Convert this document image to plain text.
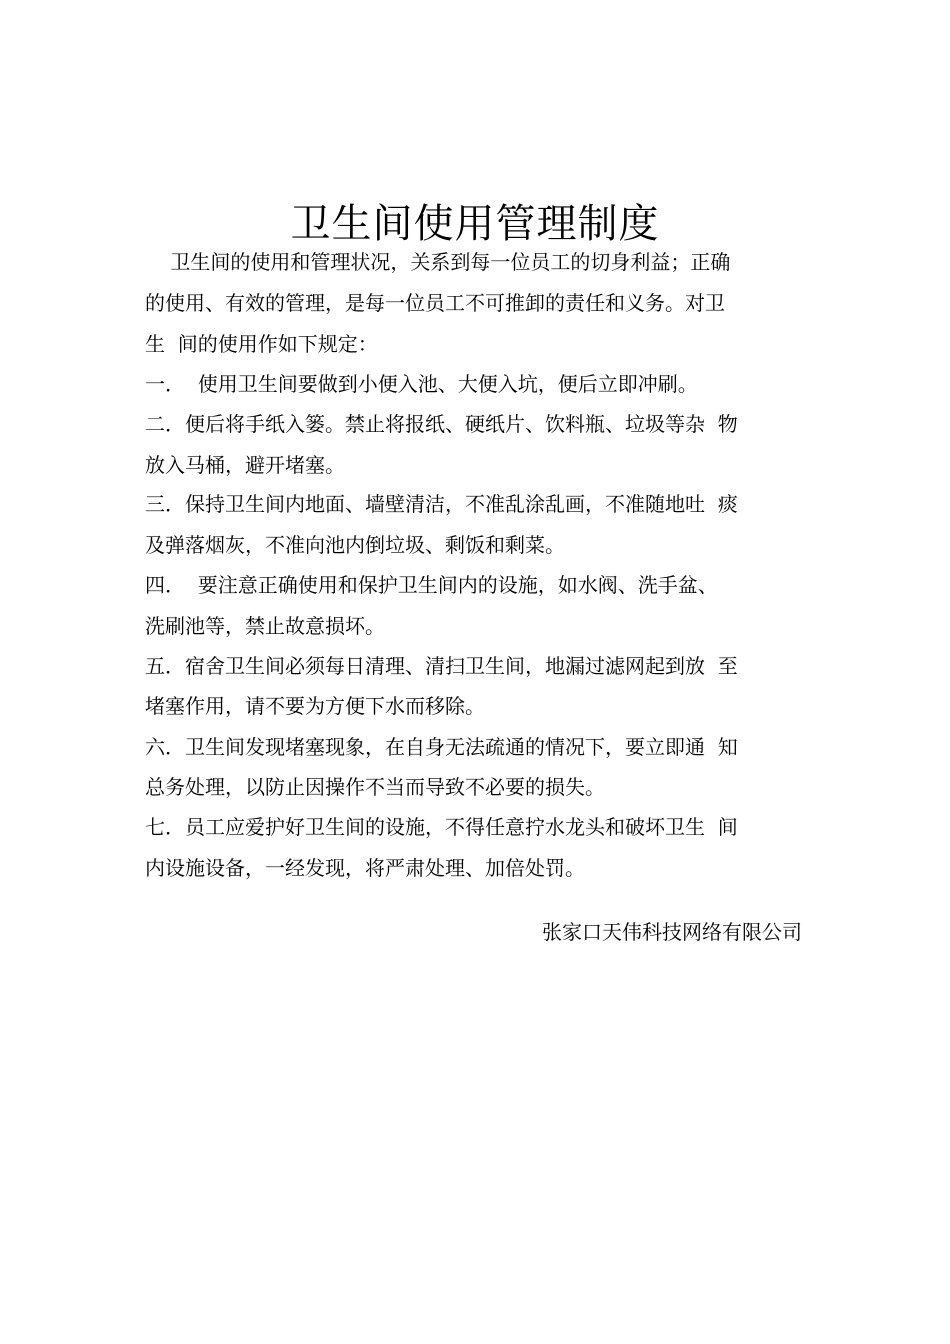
卫生间使用管理制度
卫生间的使用和管理状况，关系到每一位员工的切身利益；正确
的使用、有效的管理，是每一位员工不可推卸的责任和义务。对卫
生  间的使用作如下规定：
一．  使用卫生间要做到小便入池、大便入坑，便后立即冲刷。
二．便后将手纸入篓。禁止将报纸、硬纸片、饮料瓶、垃圾等杂  物
放入马桶，避开堵塞。
三．保持卫生间内地面、墙壁清洁，不准乱涂乱画，不准随地吐  痰
及弹落烟灰，不准向池内倒垃圾、剩饭和剩菜。
四．  要注意正确使用和保护卫生间内的设施，如水阀、洗手盆、
洗刷池等，禁止故意损坏。
五．宿舍卫生间必须每日清理、清扫卫生间，地漏过滤网起到放  至
堵塞作用，请不要为方便下水而移除。
六．卫生间发现堵塞现象，在自身无法疏通的情况下，要立即通  知
总务处理，以防止因操作不当而导致不必要的损失。
七．员工应爱护好卫生间的设施，不得任意拧水龙头和破坏卫生  间
内设施设备，一经发现，将严肃处理、加倍处罚。
张家口天伟科技网络有限公司
